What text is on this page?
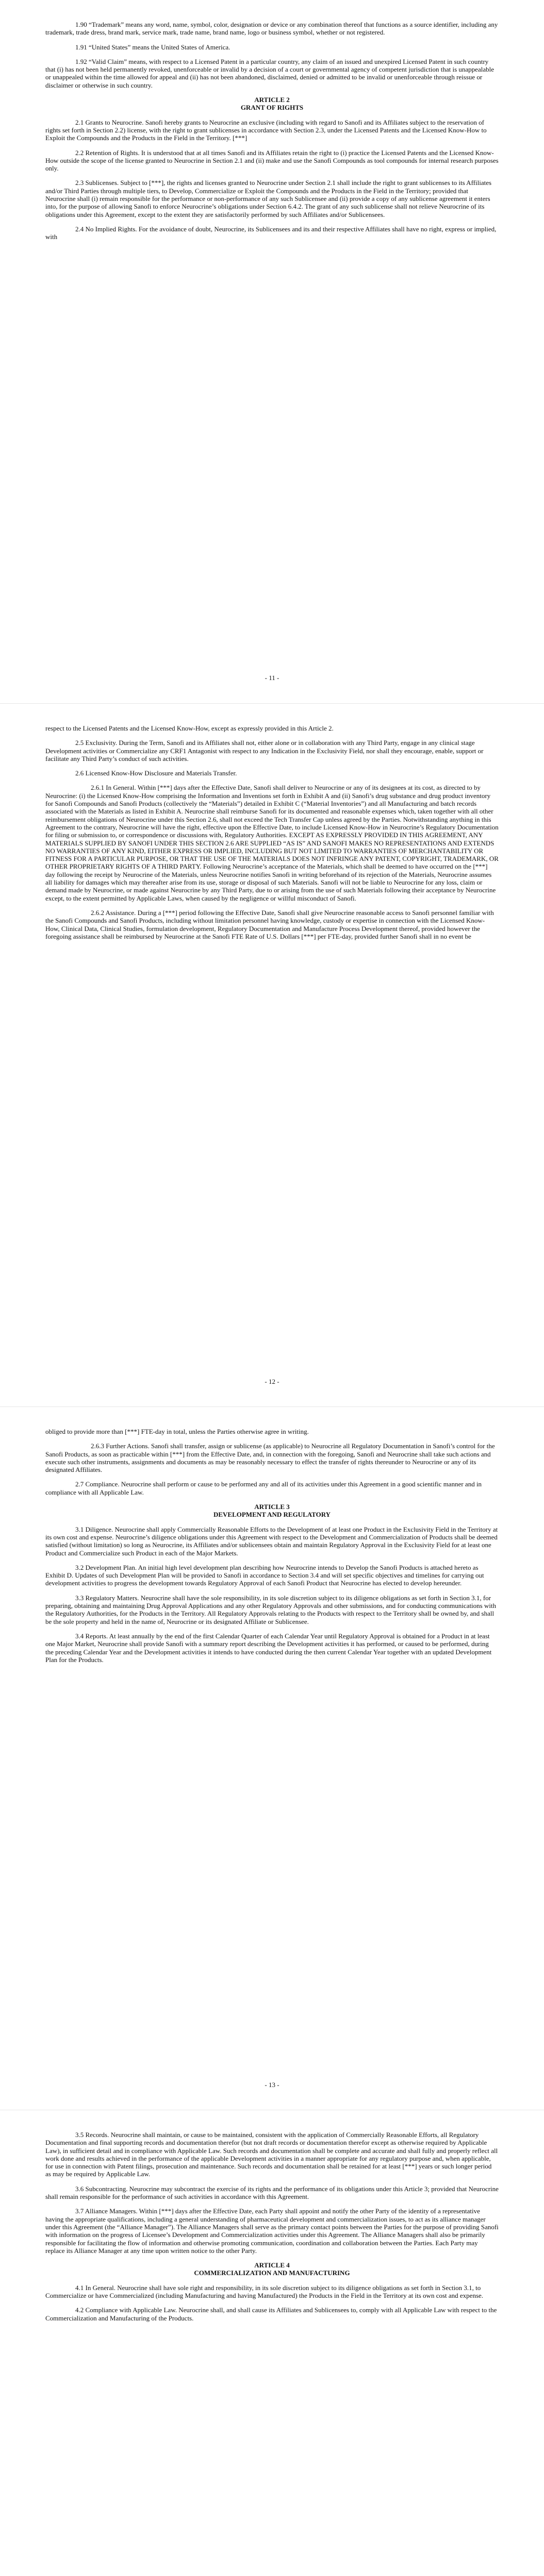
1.90 “Trademark” means any word, name, symbol, color, designation or device or any combination thereof that functions as a source identifier, including any trademark, trade dress, brand mark, service mark, trade name, brand name, logo or business symbol, whether or not registered.

1.91 “United States” means the United States of America.

1.92 “Valid Claim” means, with respect to a Licensed Patent in a particular country, any claim of an issued and unexpired Licensed Patent in such country that (i) has not been held permanently revoked, unenforceable or invalid by a decision of a court or governmental agency of competent jurisdiction that is unappealable or unappealed within the time allowed for appeal and (ii) has not been abandoned, disclaimed, denied or admitted to be invalid or unenforceable through reissue or disclaimer or otherwise in such country.

ARTICLE 2

GRANT OF RIGHTS

2.1 Grants to Neurocrine. Sanofi hereby grants to Neurocrine an exclusive (including with regard to Sanofi and its Affiliates subject to the reservation of rights set forth in Section 2.2) license, with the right to grant sublicenses in accordance with Section 2.3, under the Licensed Patents and the Licensed Know-How to Exploit the Compounds and the Products in the Field in the Territory. [***]

2.2 Retention of Rights. It is understood that at all times Sanofi and its Affiliates retain the right to (i) practice the Licensed Patents and the Licensed Know-How outside the scope of the license granted to Neurocrine in Section 2.1 and (ii) make and use the Sanofi Compounds as tool compounds for internal research purposes only.

2.3 Sublicenses. Subject to [***], the rights and licenses granted to Neurocrine under Section 2.1 shall include the right to grant sublicenses to its Affiliates and/or Third Parties through multiple tiers, to Develop, Commercialize or Exploit the Compounds and the Products in the Field in the Territory; provided that Neurocrine shall (i) remain responsible for the performance or non-performance of any such Sublicensee and (ii) provide a copy of any sublicense agreement it enters into, for the purpose of allowing Sanofi to enforce Neurocrine’s obligations under Section 6.4.2. The grant of any such sublicense shall not relieve Neurocrine of its obligations under this Agreement, except to the extent they are satisfactorily performed by such Affiliates and/or Sublicensees.

2.4 No Implied Rights. For the avoidance of doubt, Neurocrine, its Sublicensees and its and their respective Affiliates shall have no right, express or implied, with

- 11 -

respect to the Licensed Patents and the Licensed Know-How, except as expressly provided in this Article 2.

2.5 Exclusivity. During the Term, Sanofi and its Affiliates shall not, either alone or in collaboration with any Third Party, engage in any clinical stage Development activities or Commercialize any CRF1 Antagonist with respect to any Indication in the Exclusivity Field, nor shall they encourage, enable, support or facilitate any Third Party’s conduct of such activities.

2.6 Licensed Know-How Disclosure and Materials Transfer.

2.6.1 In General. Within [***] days after the Effective Date, Sanofi shall deliver to Neurocrine or any of its designees at its cost, as directed to by Neurocrine: (i) the Licensed Know-How comprising the Information and Inventions set forth in Exhibit A and (ii) Sanofi’s drug substance and drug product inventory for Sanofi Compounds and Sanofi Products (collectively the “Materials”) detailed in Exhibit C (“Material Inventories”) and all Manufacturing and batch records associated with the Materials as listed in Exhibit A. Neurocrine shall reimburse Sanofi for its documented and reasonable expenses which, taken together with all other reimbursement obligations of Neurocrine under this Section 2.6, shall not exceed the Tech Transfer Cap unless agreed by the Parties. Notwithstanding anything in this Agreement to the contrary, Neurocrine will have the right, effective upon the Effective Date, to include Licensed Know-How in Neurocrine’s Regulatory Documentation for filing or submission to, or correspondence or discussions with, Regulatory Authorities. EXCEPT AS EXPRESSLY PROVIDED IN THIS AGREEMENT, ANY MATERIALS SUPPLIED BY SANOFI UNDER THIS SECTION 2.6 ARE SUPPLIED “AS IS” AND SANOFI MAKES NO REPRESENTATIONS AND EXTENDS NO WARRANTIES OF ANY KIND, EITHER EXPRESS OR IMPLIED, INCLUDING BUT NOT LIMITED TO WARRANTIES OF MERCHANTABILITY OR FITNESS FOR A PARTICULAR PURPOSE, OR THAT THE USE OF THE MATERIALS DOES NOT INFRINGE ANY PATENT, COPYRIGHT, TRADEMARK, OR OTHER PROPRIETARY RIGHTS OF A THIRD PARTY. Following Neurocrine’s acceptance of the Materials, which shall be deemed to have occurred on the [***] day following the receipt by Neurocrine of the Materials, unless Neurocrine notifies Sanofi in writing beforehand of its rejection of the Materials, Neurocrine assumes all liability for damages which may thereafter arise from its use, storage or disposal of such Materials. Sanofi will not be liable to Neurocrine for any loss, claim or demand made by Neurocrine, or made against Neurocrine by any Third Party, due to or arising from the use of such Materials following their acceptance by Neurocrine except, to the extent permitted by Applicable Laws, when caused by the negligence or willful misconduct of Sanofi.

2.6.2 Assistance. During a [***] period following the Effective Date, Sanofi shall give Neurocrine reasonable access to Sanofi personnel familiar with the Sanofi Compounds and Sanofi Products, including without limitation personnel having knowledge, custody or expertise in connection with the Licensed Know-How, Clinical Data, Clinical Studies, formulation development, Regulatory Documentation and Manufacture Process Development thereof, provided however the foregoing assistance shall be reimbursed by Neurocrine at the Sanofi FTE Rate of U.S. Dollars [***] per FTE-day, provided further Sanofi shall in no event be

- 12 -

obliged to provide more than [***] FTE-day in total, unless the Parties otherwise agree in writing.

2.6.3 Further Actions. Sanofi shall transfer, assign or sublicense (as applicable) to Neurocrine all Regulatory Documentation in Sanofi’s control for the Sanofi Products, as soon as practicable within [***] from the Effective Date, and, in connection with the foregoing, Sanofi and Neurocrine shall take such actions and execute such other instruments, assignments and documents as may be reasonably necessary to effect the transfer of rights thereunder to Neurocrine or any of its designated Affiliates.

2.7 Compliance. Neurocrine shall perform or cause to be performed any and all of its activities under this Agreement in a good scientific manner and in compliance with all Applicable Law.

ARTICLE 3

DEVELOPMENT AND REGULATORY

3.1 Diligence. Neurocrine shall apply Commercially Reasonable Efforts to the Development of at least one Product in the Exclusivity Field in the Territory at its own cost and expense. Neurocrine’s diligence obligations under this Agreement with respect to the Development and Commercialization of Products shall be deemed satisfied (without limitation) so long as Neurocrine, its Affiliates and/or sublicensees obtain and maintain Regulatory Approval in the Exclusivity Field for at least one Product and Commercialize such Product in each of the Major Markets.

3.2 Development Plan. An initial high level development plan describing how Neurocrine intends to Develop the Sanofi Products is attached hereto as Exhibit D. Updates of such Development Plan will be provided to Sanofi in accordance to Section 3.4 and will set specific objectives and timelines for carrying out development activities to progress the development towards Regulatory Approval of each Sanofi Product that Neurocrine has elected to develop hereunder.

3.3 Regulatory Matters. Neurocrine shall have the sole responsibility, in its sole discretion subject to its diligence obligations as set forth in Section 3.1, for preparing, obtaining and maintaining Drug Approval Applications and any other Regulatory Approvals and other submissions, and for conducting communications with the Regulatory Authorities, for the Products in the Territory. All Regulatory Approvals relating to the Products with respect to the Territory shall be owned by, and shall be the sole property and held in the name of, Neurocrine or its designated Affiliate or Sublicensee.

3.4 Reports. At least annually by the end of the first Calendar Quarter of each Calendar Year until Regulatory Approval is obtained for a Product in at least one Major Market, Neurocrine shall provide Sanofi with a summary report describing the Development activities it has performed, or caused to be performed, during the preceding Calendar Year and the Development activities it intends to have conducted during the then current Calendar Year together with an updated Development Plan for the Products.

- 13 -

3.5 Records. Neurocrine shall maintain, or cause to be maintained, consistent with the application of Commercially Reasonable Efforts, all Regulatory Documentation and final supporting records and documentation therefor (but not draft records or documentation therefor except as otherwise required by Applicable Law), in sufficient detail and in compliance with Applicable Law. Such records and documentation shall be complete and accurate and shall fully and properly reflect all work done and results achieved in the performance of the applicable Development activities in a manner appropriate for any regulatory purpose and, when applicable, for use in connection with Patent filings, prosecution and maintenance. Such records and documentation shall be retained for at least [***] years or such longer period as may be required by Applicable Law.

3.6 Subcontracting. Neurocrine may subcontract the exercise of its rights and the performance of its obligations under this Article 3; provided that Neurocrine shall remain responsible for the performance of such activities in accordance with this Agreement.

3.7 Alliance Managers. Within [***] days after the Effective Date, each Party shall appoint and notify the other Party of the identity of a representative having the appropriate qualifications, including a general understanding of pharmaceutical development and commercialization issues, to act as its alliance manager under this Agreement (the “Alliance Manager”). The Alliance Managers shall serve as the primary contact points between the Parties for the purpose of providing Sanofi with information on the progress of Licensee’s Development and Commercialization activities under this Agreement. The Alliance Managers shall also be primarily responsible for facilitating the flow of information and otherwise promoting communication, coordination and collaboration between the Parties. Each Party may replace its Alliance Manager at any time upon written notice to the other Party.

ARTICLE 4

COMMERCIALIZATION AND MANUFACTURING

4.1 In General. Neurocrine shall have sole right and responsibility, in its sole discretion subject to its diligence obligations as set forth in Section 3.1, to Commercialize or have Commercialized (including Manufacturing and having Manufactured) the Products in the Field in the Territory at its own cost and expense.

4.2 Compliance with Applicable Law. Neurocrine shall, and shall cause its Affiliates and Sublicensees to, comply with all Applicable Law with respect to the Commercialization and Manufacturing of the Products.
